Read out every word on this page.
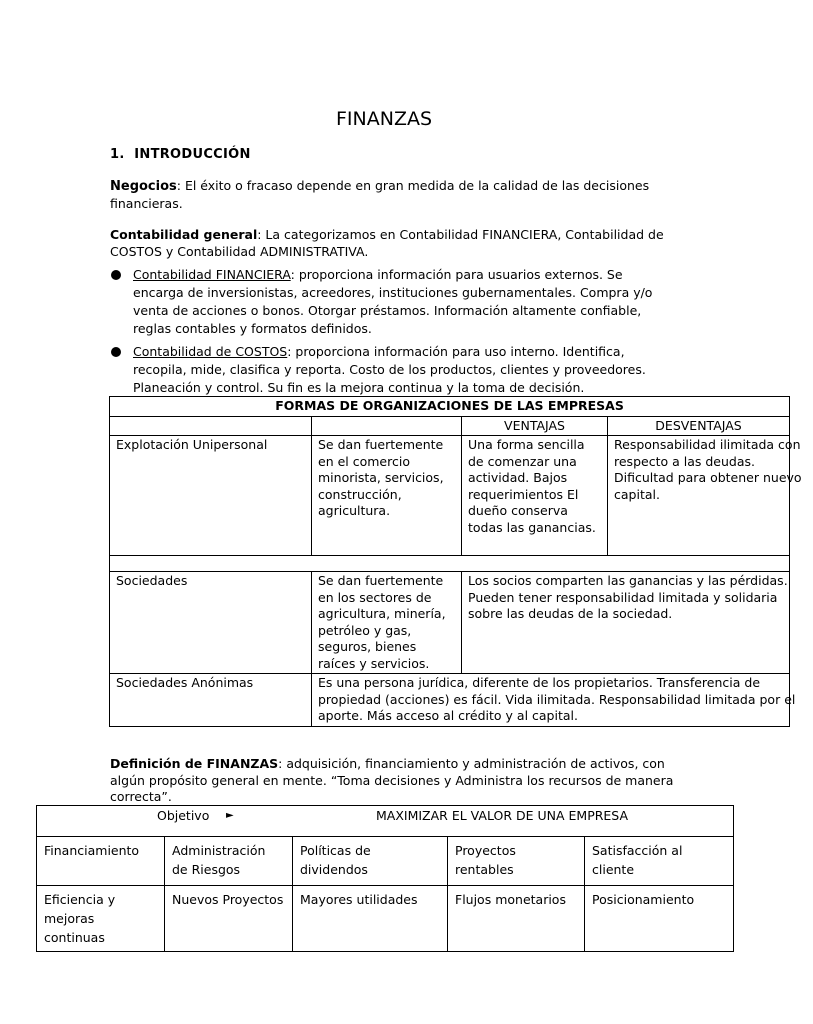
FINANZAS
1. INTRODUCCIÓN
Negocios: El éxito o fracaso depende en gran medida de la calidad de las decisiones financieras.
Contabilidad general: La categorizamos en Contabilidad FINANCIERA, Contabilidad de COSTOS y Contabilidad ADMINISTRATIVA.
Contabilidad FINANCIERA: proporciona información para usuarios externos. Se encarga de inversionistas, acreedores, instituciones gubernamentales. Compra y/o venta de acciones o bonos. Otorgar préstamos. Información altamente confiable, reglas contables y formatos definidos.
Contabilidad de COSTOS: proporciona información para uso interno. Identifica, recopila, mide, clasifica y reporta. Costo de los productos, clientes y proveedores. Planeación y control. Su fin es la mejora continua y la toma de decisión.
FORMAS DE ORGANIZACIONES DE LAS EMPRESAS			
		VENTAJAS	DESVENTAJAS
Explotación Unipersonal	Se dan fuertemente en el comercio minorista, servicios, construcción, agricultura.	Una forma sencilla de comenzar una actividad. Bajos requerimientos El dueño conserva todas las ganancias.	Responsabilidad ilimitada con respecto a las deudas. Dificultad para obtener nuevo capital.

Sociedades	Se dan fuertemente en los sectores de agricultura, minería, petróleo y gas, seguros, bienes raíces y servicios.	Los socios comparten las ganancias y las pérdidas. Pueden tener responsabilidad limitada y solidaria sobre las deudas de la sociedad.	

Sociedades Anónimas	Es una persona jurídica, diferente de los propietarios. Transferencia de propiedad (acciones) es fácil. Vida ilimitada. Responsabilidad limitada por el aporte. Más acceso al crédito y al capital.		
Definición de FINANZAS: adquisición, financiamiento y administración de activos, con algún propósito general en mente. “Toma decisiones y Administra los recursos de manera correcta”.
Objetivo ► MAXIMIZAR EL VALOR DE UNA EMPRESA				

Financiamiento	Administración de Riesgos	Políticas de dividendos	Proyectos rentables	Satisfacción al cliente
Eficiencia y mejoras continuas	Nuevos Proyectos	Mayores utilidades	Flujos monetarios	Posicionamiento
